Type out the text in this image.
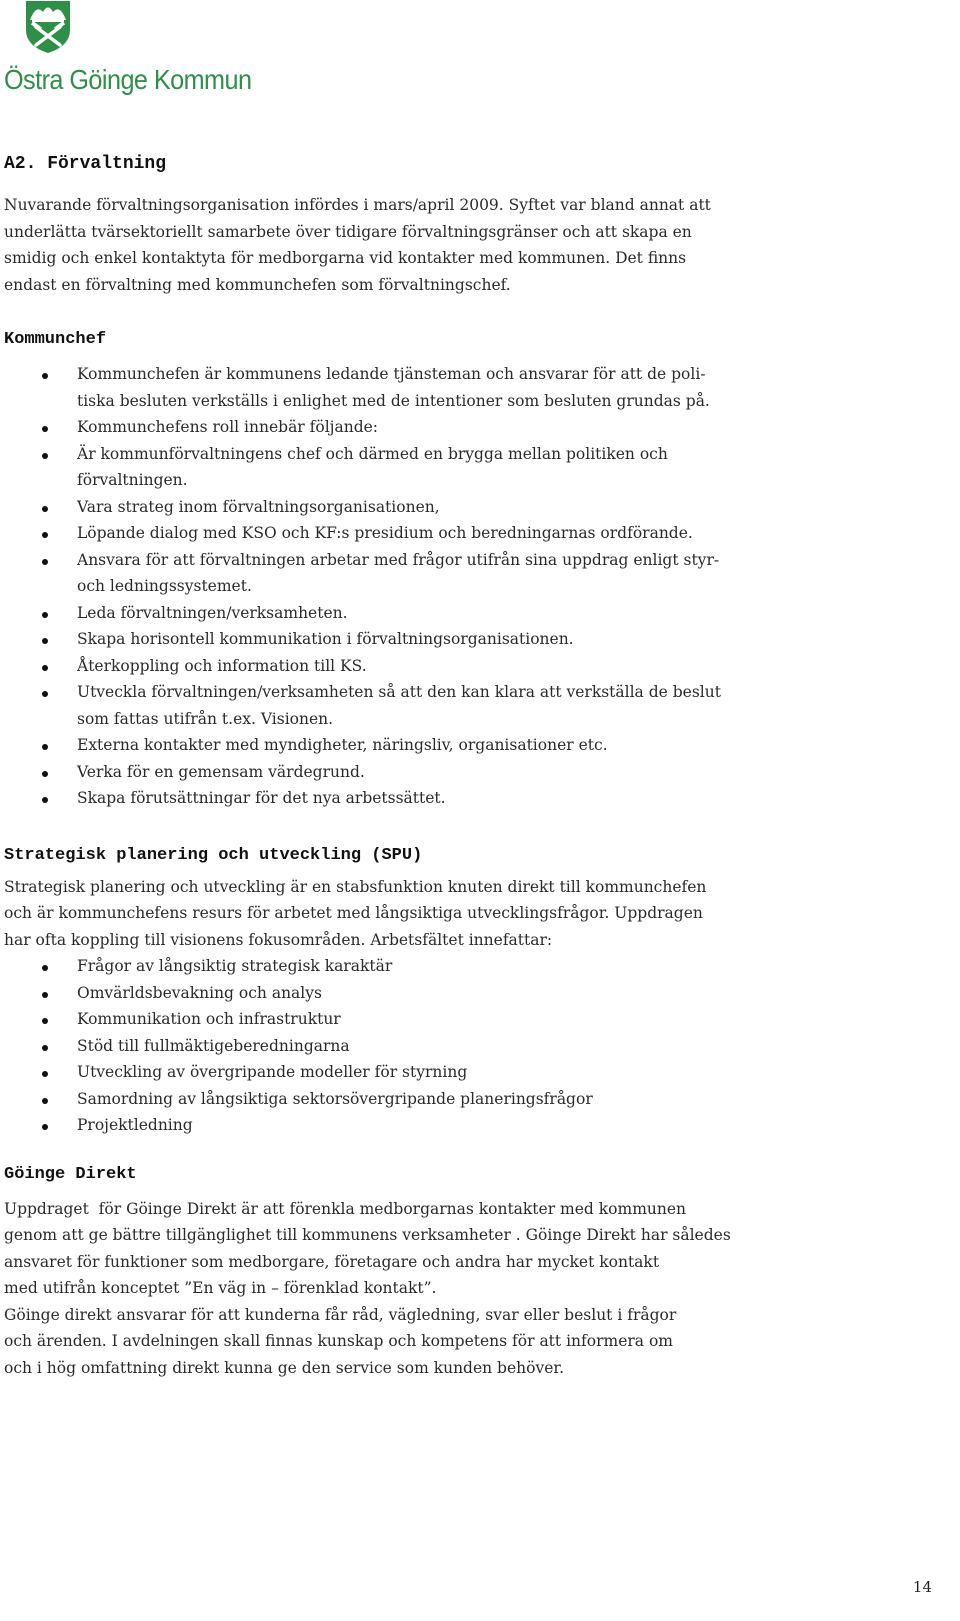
Östra Göinge Kommun
A2. Förvaltning

Nuvarande förvaltningsorganisation infördes i mars/april 2009. Syftet var bland annat att

underlätta tvärsektoriellt samarbete över tidigare förvaltningsgränser och att skapa en

smidig och enkel kontaktyta för medborgarna vid kontakter med kommunen. Det finns

endast en förvaltning med kommunchefen som förvaltningschef.

Kommunchef
Kommunchefen är kommunens ledande tjänsteman och ansvarar för att de poli-
tiska besluten verkställs i enlighet med de intentioner som besluten grundas på.
Kommunchefens roll innebär följande:
Är kommunförvaltningens chef och därmed en brygga mellan politiken och
förvaltningen.
Vara strateg inom förvaltningsorganisationen,
Löpande dialog med KSO och KF:s presidium och beredningarnas ordförande.
Ansvara för att förvaltningen arbetar med frågor utifrån sina uppdrag enligt styr-
och ledningssystemet.
Leda förvaltningen/verksamheten.
Skapa horisontell kommunikation i förvaltningsorganisationen.
Återkoppling och information till KS.
Utveckla förvaltningen/verksamheten så att den kan klara att verkställa de beslut
som fattas utifrån t.ex. Visionen.
Externa kontakter med myndigheter, näringsliv, organisationer etc.
Verka för en gemensam värdegrund.
Skapa förutsättningar för det nya arbetssättet.
Strategisk planering och utveckling (SPU)

Strategisk planering och utveckling är en stabsfunktion knuten direkt till kommunchefen

och är kommunchefens resurs för arbetet med långsiktiga utvecklingsfrågor. Uppdragen

har ofta koppling till visionens fokusområden. Arbetsfältet innefattar:

Frågor av långsiktig strategisk karaktär
Omvärldsbevakning och analys
Kommunikation och infrastruktur
Stöd till fullmäktigeberedningarna
Utveckling av övergripande modeller för styrning
Samordning av långsiktiga sektorsövergripande planeringsfrågor
Projektledning
Göinge Direkt

Uppdraget  för Göinge Direkt är att förenkla medborgarnas kontakter med kommunen

genom att ge bättre tillgänglighet till kommunens verksamheter . Göinge Direkt har således

ansvaret för funktioner som medborgare, företagare och andra har mycket kontakt

med utifrån konceptet ”En väg in – förenklad kontakt”.

Göinge direkt ansvarar för att kunderna får råd, vägledning, svar eller beslut i frågor

och ärenden. I avdelningen skall finnas kunskap och kompetens för att informera om

och i hög omfattning direkt kunna ge den service som kunden behöver.

14
